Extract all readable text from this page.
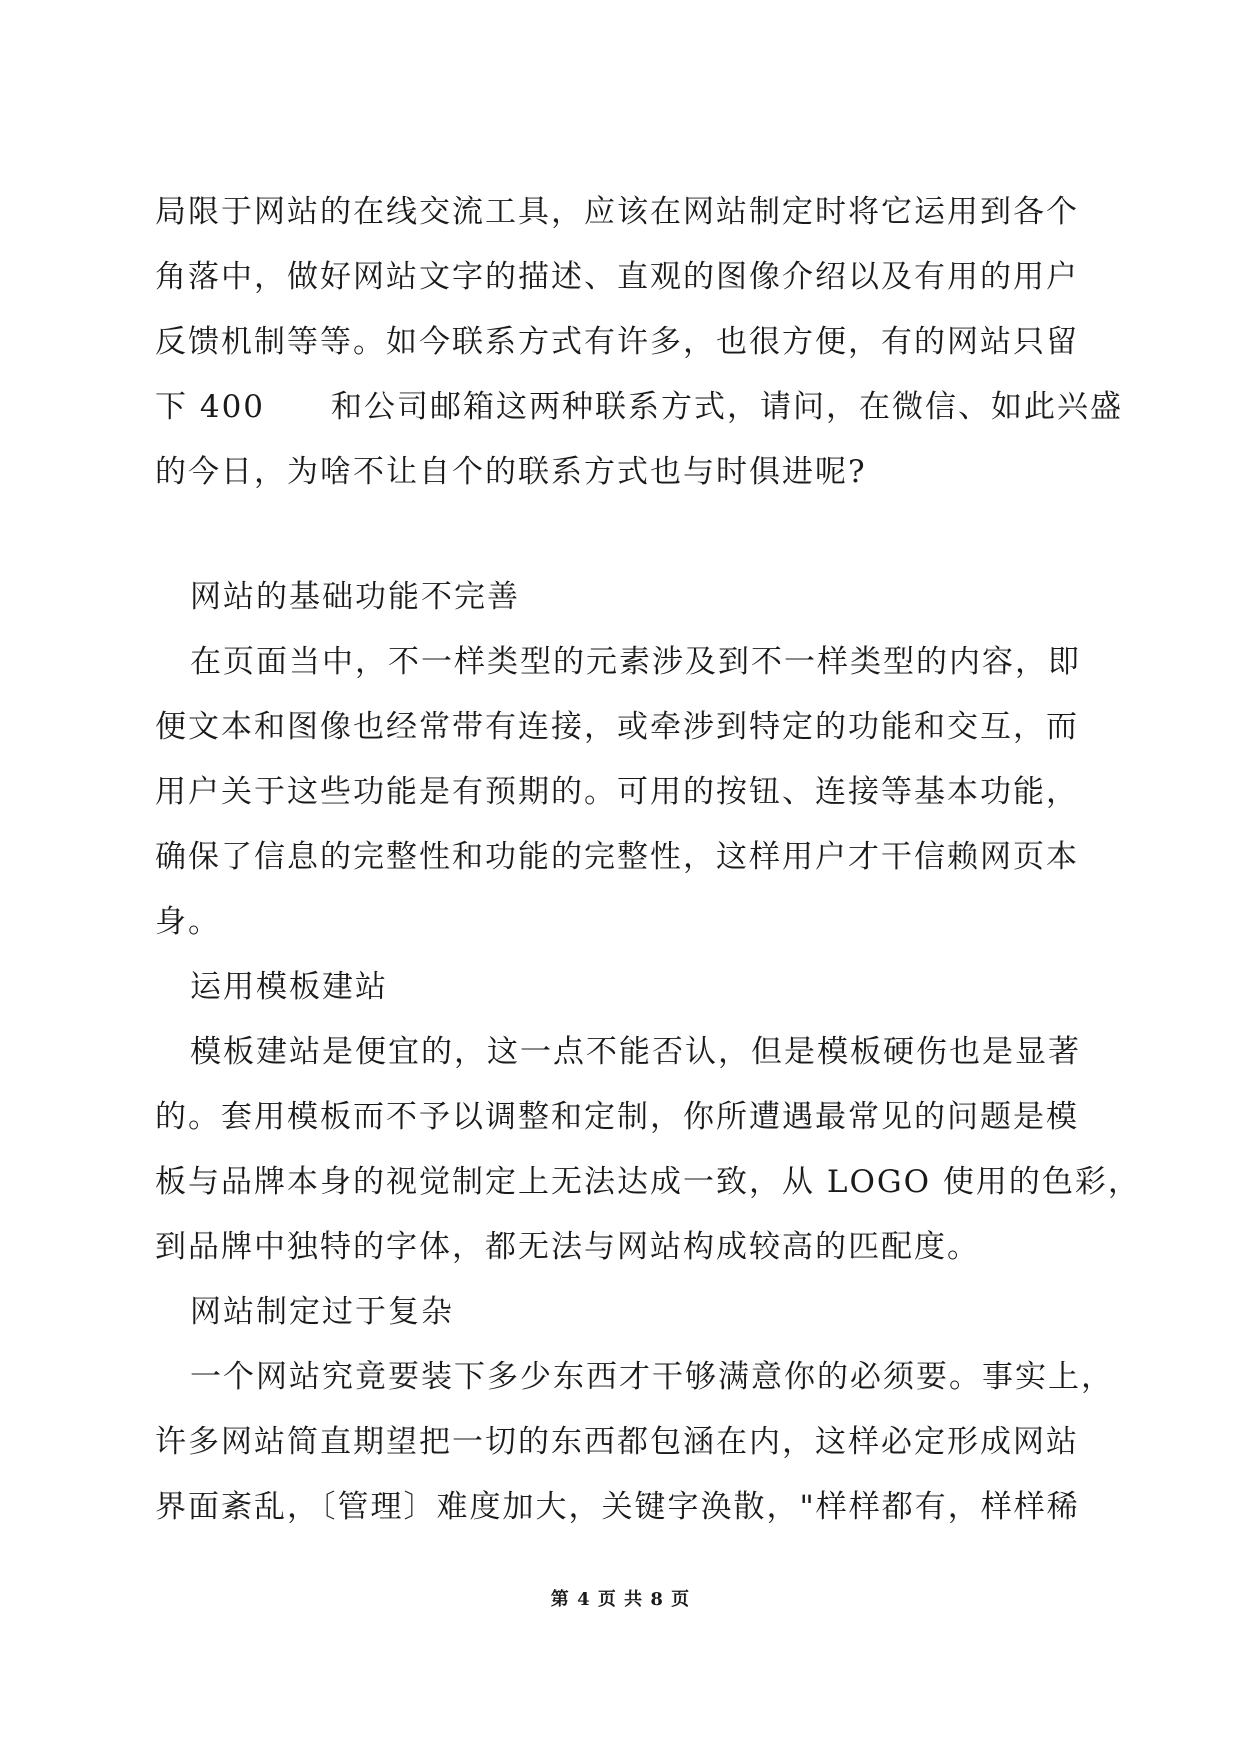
局限于网站的在线交流工具，应该在网站制定时将它运用到各个
角落中，做好网站文字的描述、直观的图像介绍以及有用的用户
反馈机制等等。如今联系方式有许多，也很方便，有的网站只留
下 400　　和公司邮箱这两种联系方式，请问，在微信、如此兴盛
的今日，为啥不让自个的联系方式也与时俱进呢?
网站的基础功能不完善
在页面当中，不一样类型的元素涉及到不一样类型的内容，即
便文本和图像也经常带有连接，或牵涉到特定的功能和交互，而
用户关于这些功能是有预期的。可用的按钮、连接等基本功能，
确保了信息的完整性和功能的完整性，这样用户才干信赖网页本
身。
运用模板建站
模板建站是便宜的，这一点不能否认，但是模板硬伤也是显著
的。套用模板而不予以调整和定制，你所遭遇最常见的问题是模
板与品牌本身的视觉制定上无法达成一致，从 LOGO 使用的色彩，
到品牌中独特的字体，都无法与网站构成较高的匹配度。
网站制定过于复杂
一个网站究竟要装下多少东西才干够满意你的必须要。事实上，
许多网站简直期望把一切的东西都包涵在内，这样必定形成网站
界面紊乱，〔管理〕难度加大，关键字涣散，"样样都有，样样稀
第 4 页 共 8 页
